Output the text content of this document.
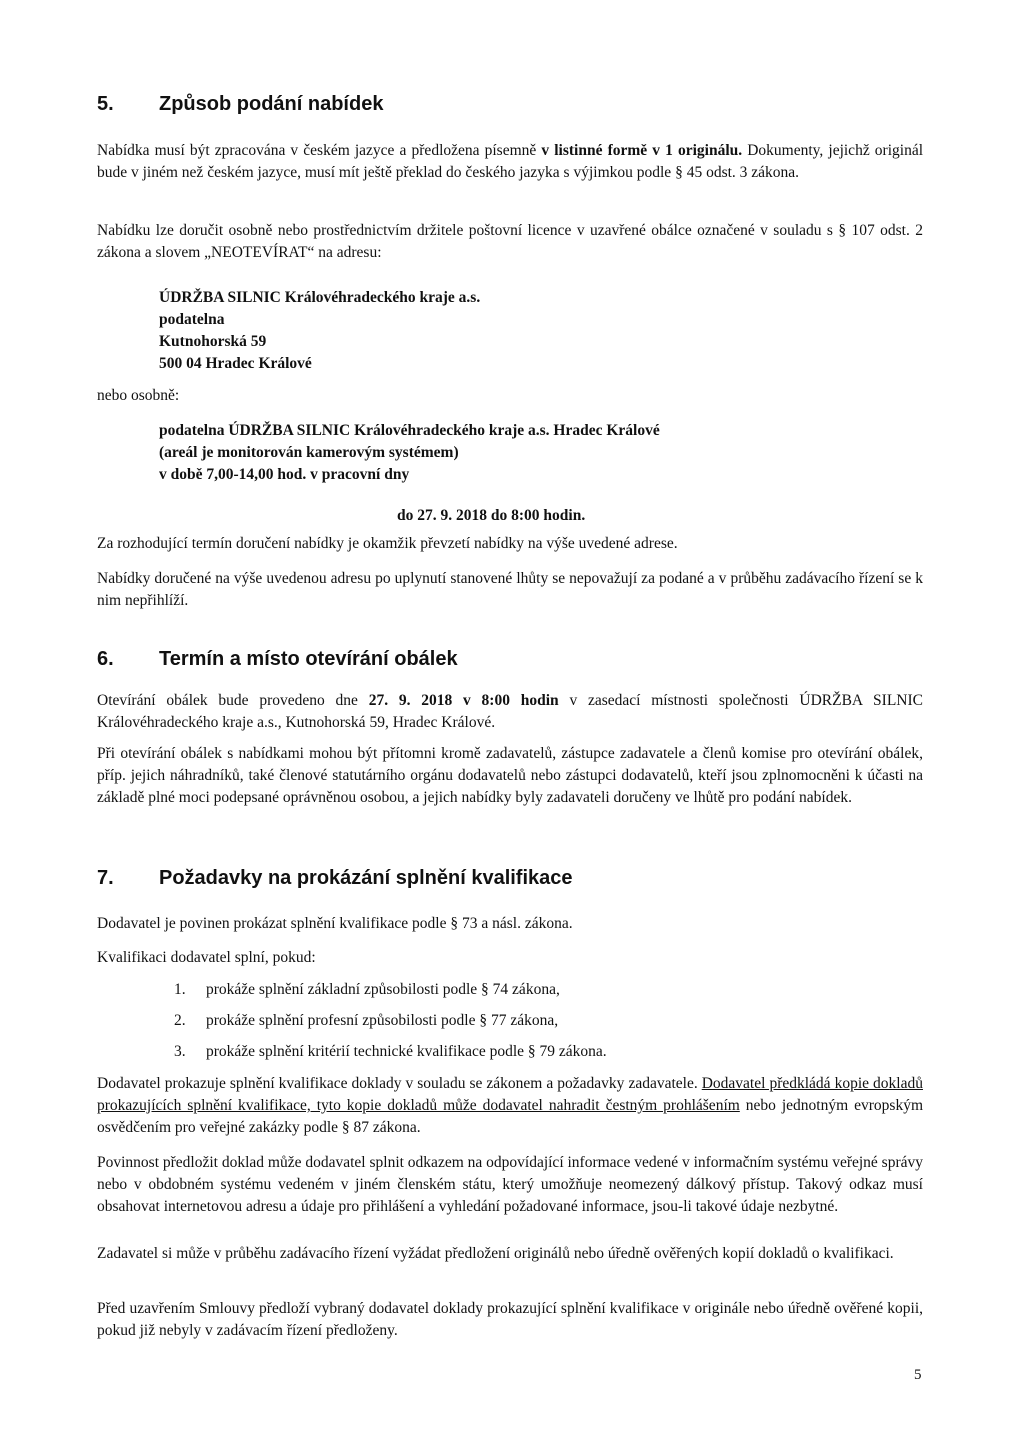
5. Způsob podání nabídek

Nabídka musí být zpracována v českém jazyce a předložena písemně v listinné formě v 1 originálu. Dokumenty, jejichž originál bude v jiném než českém jazyce, musí mít ještě překlad do českého jazyka s výjimkou podle § 45 odst. 3 zákona.

Nabídku lze doručit osobně nebo prostřednictvím držitele poštovní licence v uzavřené obálce označené v souladu s § 107 odst. 2 zákona a slovem „NEOTEVÍRAT“ na adresu:

ÚDRŽBA SILNIC Královéhradeckého kraje a.s.
podatelna
Kutnohorská 59
500 04 Hradec Králové

nebo osobně:

podatelna ÚDRŽBA SILNIC Královéhradeckého kraje a.s. Hradec Králové
(areál je monitorován kamerovým systémem)
v době 7,00-14,00 hod. v pracovní dny
do 27. 9. 2018 do 8:00 hodin.

Za rozhodující termín doručení nabídky je okamžik převzetí nabídky na výše uvedené adrese.

Nabídky doručené na výše uvedenou adresu po uplynutí stanovené lhůty se nepovažují za podané a v průběhu zadávacího řízení se k nim nepřihlíží.

6. Termín a místo otevírání obálek

Otevírání obálek bude provedeno dne 27. 9. 2018 v 8:00 hodin v zasedací místnosti společnosti ÚDRŽBA SILNIC Královéhradeckého kraje a.s., Kutnohorská 59, Hradec Králové.

Při otevírání obálek s nabídkami mohou být přítomni kromě zadavatelů, zástupce zadavatele a členů komise pro otevírání obálek, příp. jejich náhradníků, také členové statutárního orgánu dodavatelů nebo zástupci dodavatelů, kteří jsou zplnomocněni k účasti na základě plné moci podepsané oprávněnou osobou, a jejich nabídky byly zadavateli doručeny ve lhůtě pro podání nabídek.

7. Požadavky na prokázání splnění kvalifikace

Dodavatel je povinen prokázat splnění kvalifikace podle § 73 a násl. zákona.

Kvalifikaci dodavatel splní, pokud:

1. prokáže splnění základní způsobilosti podle § 74 zákona,
2. prokáže splnění profesní způsobilosti podle § 77 zákona,
3. prokáže splnění kritérií technické kvalifikace podle § 79 zákona.

Dodavatel prokazuje splnění kvalifikace doklady v souladu se zákonem a požadavky zadavatele. Dodavatel předkládá kopie dokladů prokazujících splnění kvalifikace, tyto kopie dokladů může dodavatel nahradit čestným prohlášením nebo jednotným evropským osvědčením pro veřejné zakázky podle § 87 zákona.

Povinnost předložit doklad může dodavatel splnit odkazem na odpovídající informace vedené v informačním systému veřejné správy nebo v obdobném systému vedeném v jiném členském státu, který umožňuje neomezený dálkový přístup. Takový odkaz musí obsahovat internetovou adresu a údaje pro přihlášení a vyhledání požadované informace, jsou-li takové údaje nezbytné.

Zadavatel si může v průběhu zadávacího řízení vyžádat předložení originálů nebo úředně ověřených kopií dokladů o kvalifikaci.

Před uzavřením Smlouvy předloží vybraný dodavatel doklady prokazující splnění kvalifikace v originále nebo úředně ověřené kopii, pokud již nebyly v zadávacím řízení předloženy.

5
